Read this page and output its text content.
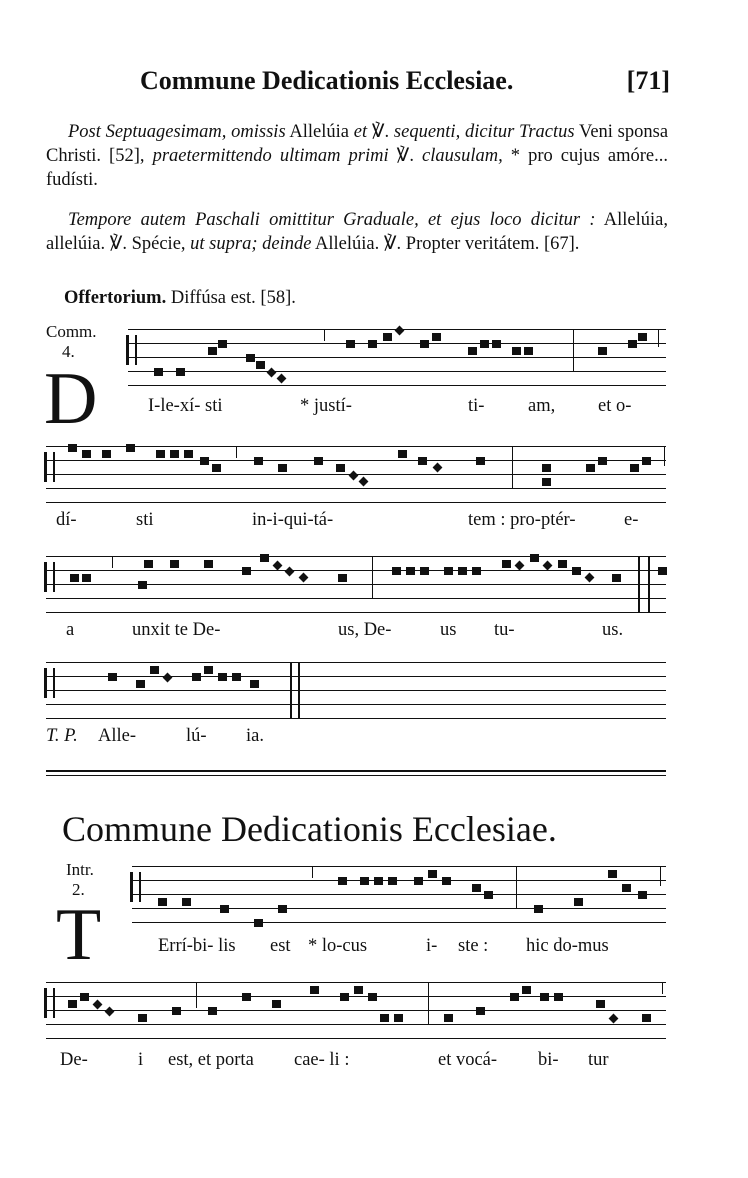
Commune Dedicationis Ecclesiae.	[71]

Post Septuagesimam, omissis Allelúia et ℣. sequenti, dicitur Tractus Veni sponsa Christi. [52], praetermittendo ultimam primi ℣. clausulam, * pro cujus amóre... fudísti.

Tempore autem Paschali omittitur Graduale, et ejus loco dicitur : Allelúia, allelúia. ℣. Spécie, ut supra; deinde Allelúia. ℣. Propter veritátem. [67].

Offertorium. Diffúsa est. [58].
Comm.
4.
D	I-le-xí- sti	* justí-	ti- am, et o-
dí-	sti	in-i-qui-tá-	tem : pro-ptér-	e-
a	unxit te De-	us, De-	us tu-	us.
T. P. Alle-	lú- ia.
Commune Dedicationis Ecclesiae.
Intr.
2.
T	Errí-bi- lis est * lo-cus	i- ste : hic do-mus
De-	i est, et porta cae- li :	et vocá- bi- tur
